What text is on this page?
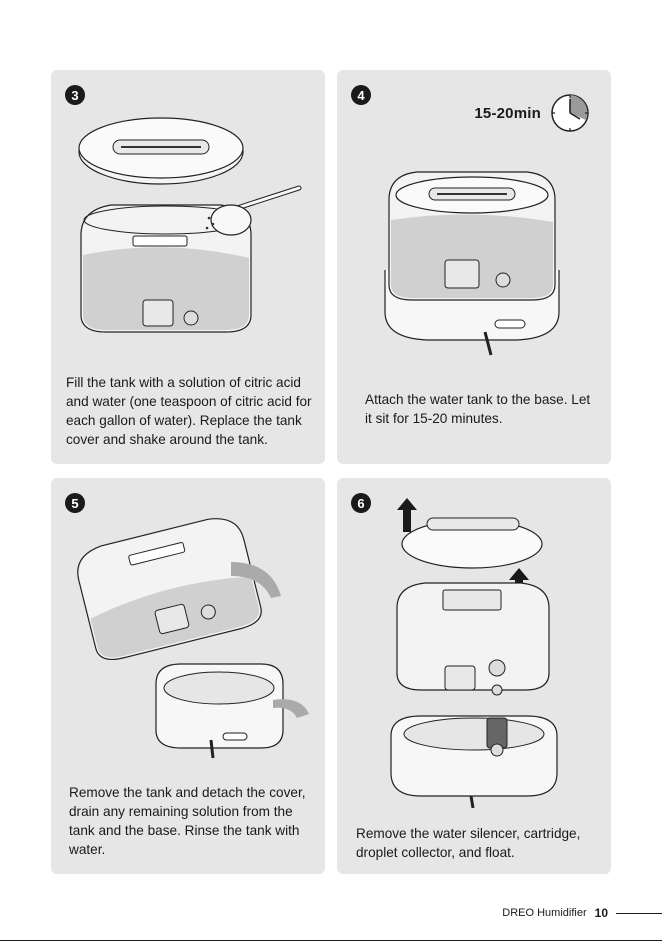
3
Fill the tank with a solution of citric acid and water (one teaspoon of citric acid for each gallon of water). Replace the tank cover and shake around the tank.
4
15-20min
Attach the water tank to the base. Let it sit for 15-20 minutes.
5
Remove the tank and detach the cover, drain any remaining solution from the tank and the base. Rinse the tank with water.
6
Remove the water silencer, cartridge, droplet collector, and float.
DREO Humidifier 10
